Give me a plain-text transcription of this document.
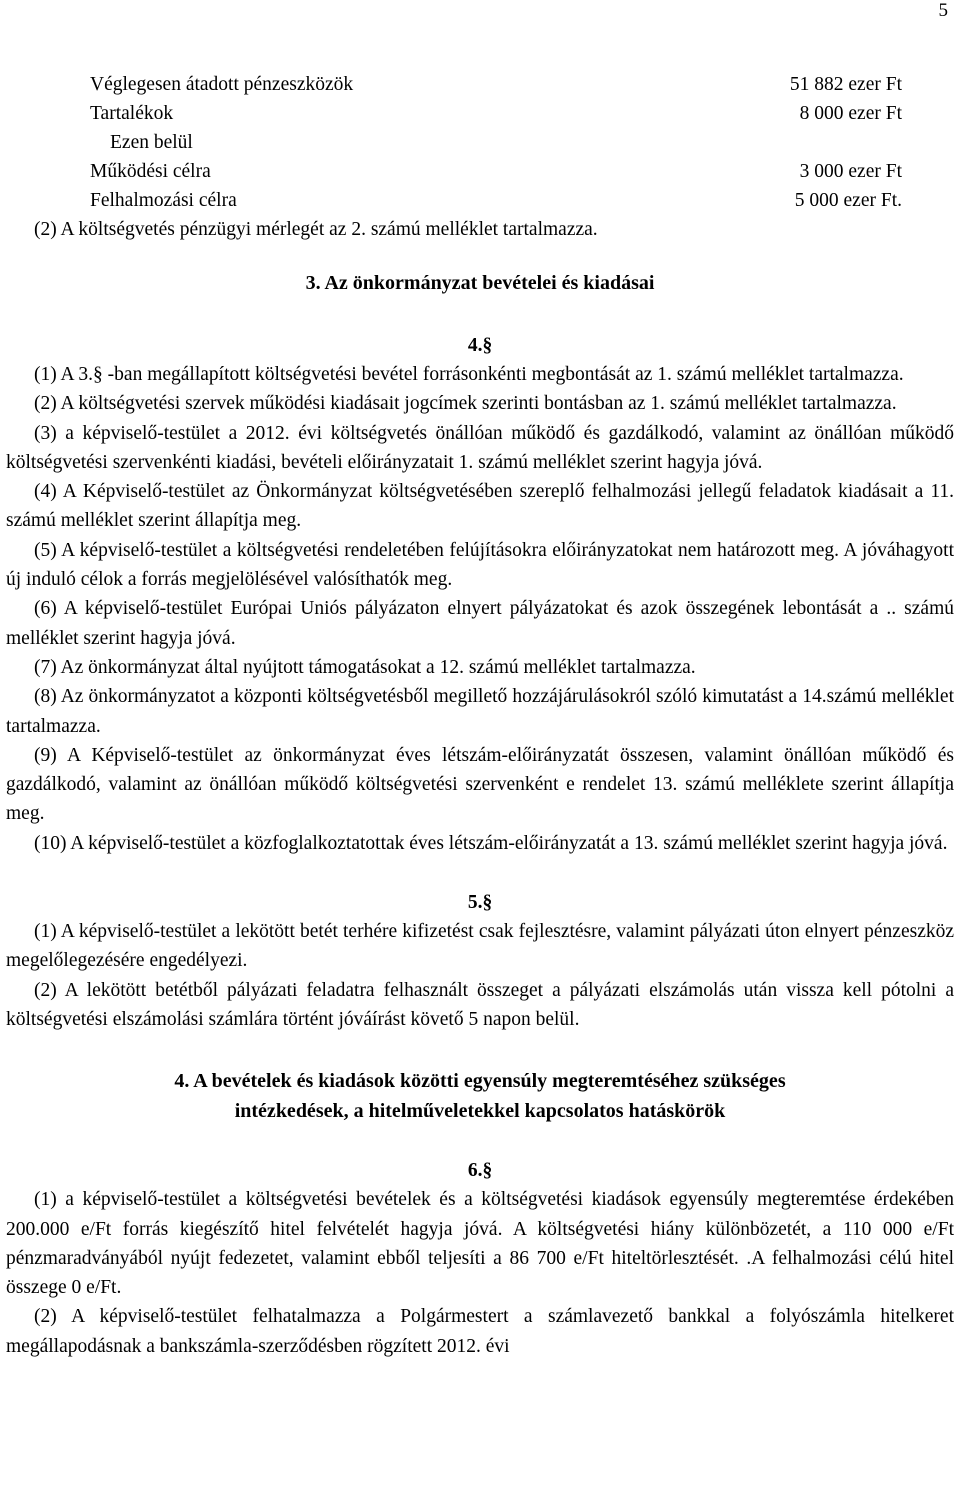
5
Véglegesen átadott pénzeszközök	51 882 ezer Ft
Tartalékok	8 000 ezer Ft
Ezen belül
Működési célra	3 000 ezer Ft
Felhalmozási célra	5 000 ezer Ft.

(2) A költségvetés pénzügyi mérlegét az 2. számú melléklet tartalmazza.

3. Az önkormányzat bevételei és kiadásai
4.§

(1) A 3.§ -ban megállapított költségvetési bevétel forrásonkénti megbontását az 1. számú melléklet tartalmazza.

(2) A költségvetési szervek működési kiadásait jogcímek szerinti bontásban az 1. számú melléklet tartalmazza.

(3) a képviselő-testület a 2012. évi költségvetés önállóan működő és gazdálkodó, valamint az önállóan működő költségvetési szervenkénti kiadási, bevételi előirányzatait 1. számú melléklet szerint hagyja jóvá.

(4) A Képviselő-testület az Önkormányzat költségvetésében szereplő felhalmozási jellegű feladatok kiadásait a 11. számú melléklet szerint állapítja meg.

(5) A képviselő-testület a költségvetési rendeletében felújításokra előirányzatokat nem határozott meg. A jóváhagyott új induló célok a forrás megjelölésével valósíthatók meg.

(6) A képviselő-testület Európai Uniós pályázaton elnyert pályázatokat és azok összegének lebontását a .. számú melléklet szerint hagyja jóvá.

(7) Az önkormányzat által nyújtott támogatásokat a 12. számú melléklet tartalmazza.

(8) Az önkormányzatot a központi költségvetésből megillető hozzájárulásokról szóló kimutatást a 14.számú melléklet tartalmazza.

(9) A Képviselő-testület az önkormányzat éves létszám-előirányzatát összesen, valamint önállóan működő és gazdálkodó, valamint az önállóan működő költségvetési szervenként e rendelet 13. számú melléklete szerint állapítja meg.

(10) A képviselő-testület a közfoglalkoztatottak éves létszám-előirányzatát a 13. számú melléklet szerint hagyja jóvá.

5.§

(1) A képviselő-testület a lekötött betét terhére kifizetést csak fejlesztésre, valamint pályázati úton elnyert pénzeszköz megelőlegezésére engedélyezi.

(2) A lekötött betétből pályázati feladatra felhasznált összeget a pályázati elszámolás után vissza kell pótolni a költségvetési elszámolási számlára történt jóváírást követő 5 napon belül.

4. A bevételek és kiadások közötti egyensúly megteremtéséhez szükséges
intézkedések, a hitelműveletekkel kapcsolatos hatáskörök
6.§

(1) a képviselő-testület a költségvetési bevételek és a költségvetési kiadások egyensúly megteremtése érdekében 200.000 e/Ft forrás kiegészítő hitel felvételét hagyja jóvá. A költségvetési hiány különbözetét, a 110 000 e/Ft pénzmaradványából nyújt fedezetet, valamint ebből teljesíti a 86 700 e/Ft hiteltörlesztését. .A felhalmozási célú hitel összege 0 e/Ft.

(2) A képviselő-testület felhatalmazza a Polgármestert a számlavezető bankkal a folyószámla hitelkeret megállapodásnak a bankszámla-szerződésben rögzített 2012. évi
